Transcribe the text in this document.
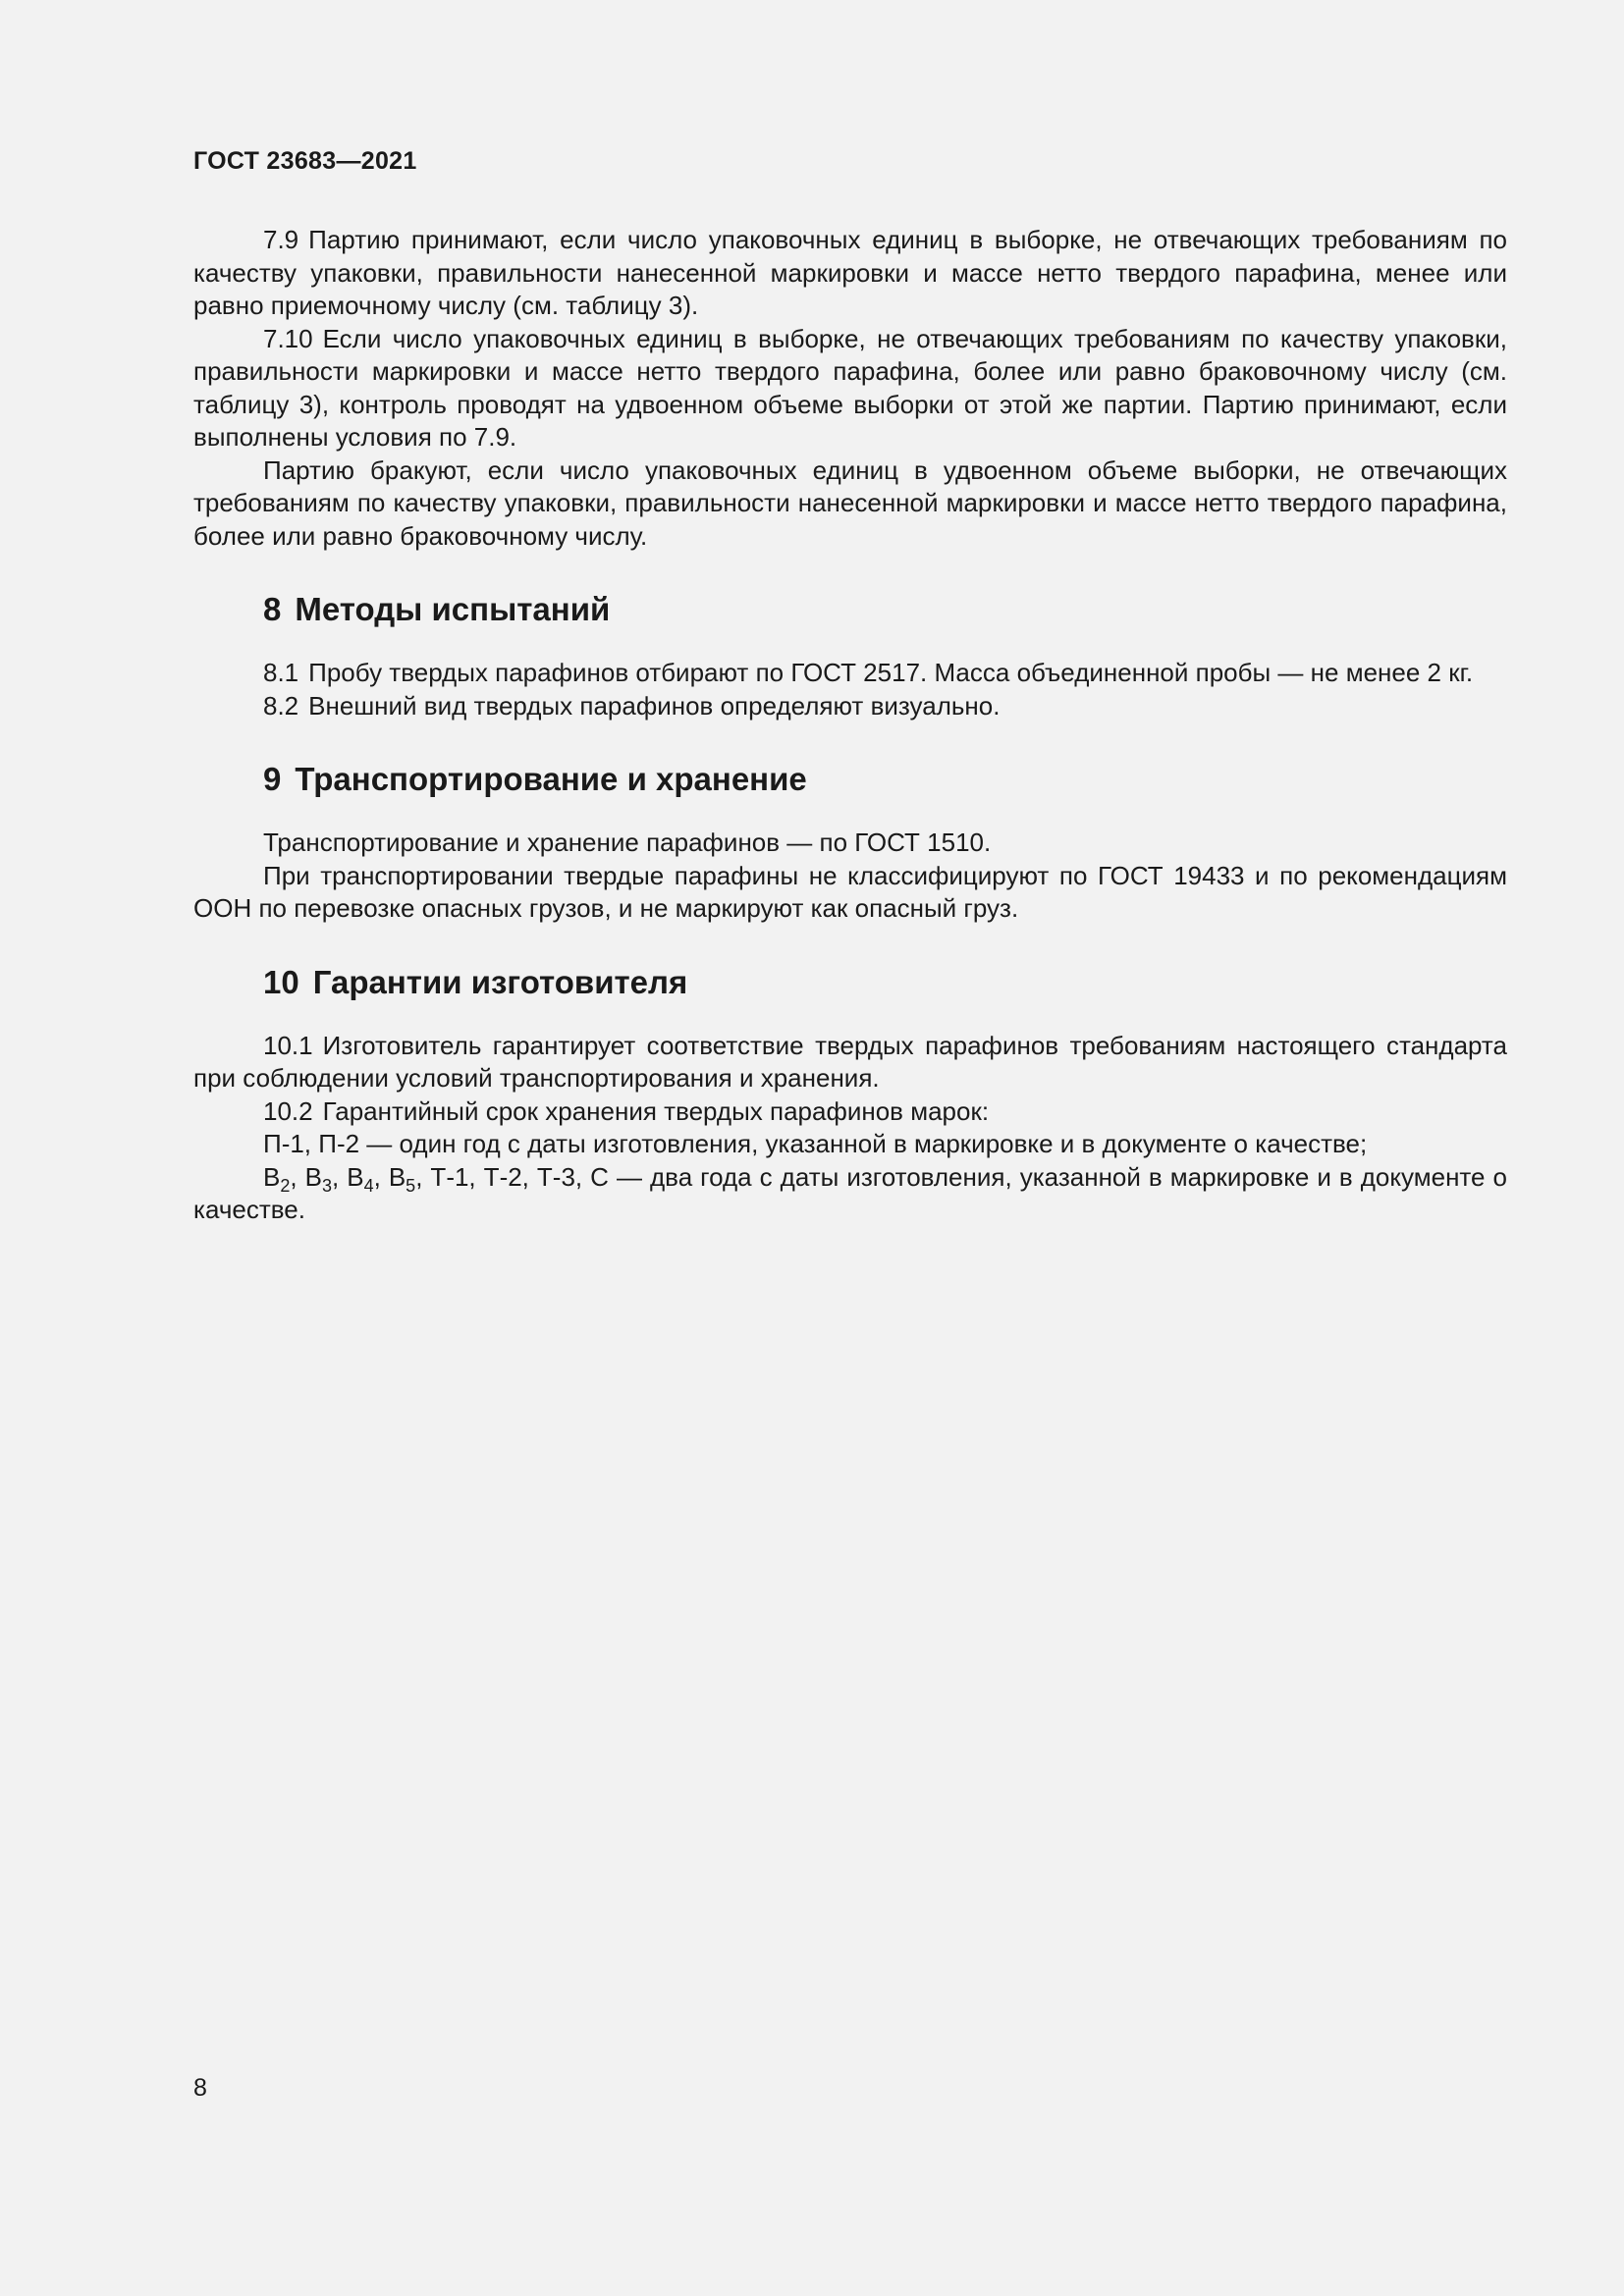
ГОСТ 23683—2021

7.9 Партию принимают, если число упаковочных единиц в выборке, не отвечающих требованиям по качеству упаковки, правильности нанесенной маркировки и массе нетто твердого парафина, менее или равно приемочному числу (см. таблицу 3).

7.10 Если число упаковочных единиц в выборке, не отвечающих требованиям по качеству упаковки, правильности маркировки и массе нетто твердого парафина, более или равно браковочному числу (см. таблицу 3), контроль проводят на удвоенном объеме выборки от этой же партии. Партию принимают, если выполнены условия по 7.9.

Партию бракуют, если число упаковочных единиц в удвоенном объеме выборки, не отвечающих требованиям по качеству упаковки, правильности нанесенной маркировки и массе нетто твердого парафина, более или равно браковочному числу.

8 Методы испытаний

8.1 Пробу твердых парафинов отбирают по ГОСТ 2517. Масса объединенной пробы — не менее 2 кг.

8.2 Внешний вид твердых парафинов определяют визуально.

9 Транспортирование и хранение

Транспортирование и хранение парафинов — по ГОСТ 1510.

При транспортировании твердые парафины не классифицируют по ГОСТ 19433 и по рекомендациям ООН по перевозке опасных грузов, и не маркируют как опасный груз.

10 Гарантии изготовителя

10.1 Изготовитель гарантирует соответствие твердых парафинов требованиям настоящего стандарта при соблюдении условий транспортирования и хранения.

10.2 Гарантийный срок хранения твердых парафинов марок:

П-1, П-2 — один год с даты изготовления, указанной в маркировке и в документе о качестве;

$В_2$, $В_3$, $В_4$, $В_5$, Т-1, Т-2, Т-3, С — два года с даты изготовления, указанной в маркировке и в документе о качестве.

8
